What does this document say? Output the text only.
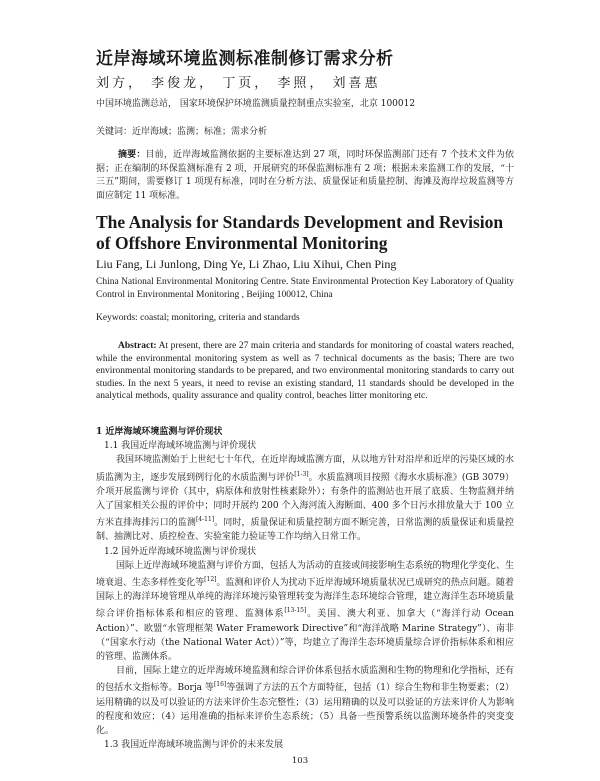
近岸海域环境监测标准制修订需求分析
刘方， 李俊龙， 丁页， 李照， 刘喜惠
中国环境监测总站， 国家环境保护环境监测质量控制重点实验室，北京 100012
关键词：近岸海域；监测；标准；需求分析
摘要：目前，近岸海域监测依据的主要标准达到 27 项，同时环保监测部门还有 7 个技术文件为依据；正在编制的环保监测标准有 2 项，开展研究的环保监测标准有 2 项；根据未来监测工作的发展，“十三五”期间，需要修订 1 项现有标准，同时在分析方法、质量保证和质量控制、海滩及海岸垃圾监测等方面应制定 11 项标准。
The Analysis for Standards Development and Revision of Offshore Environmental Monitoring
Liu Fang, Li Junlong, Ding Ye, Li Zhao, Liu Xihui, Chen Ping
China National Environmental Monitoring Centre. State Environmental Protection Key Laboratory of Quality Control in Environmental Monitoring , Beijing 100012, China
Keywords: coastal; monitoring, criteria and standards
Abstract: At present, there are 27 main criteria and standards for monitoring of coastal waters reached, while the environmental monitoring system as well as 7 technical documents as the basis; There are two environmental monitoring standards to be prepared, and two environmental monitoring standards to carry out studies. In the next 5 years, it need to revise an existing standard, 11 standards should be developed in the analytical methods, quality assurance and quality control, beaches litter monitoring etc.
1 近岸海域环境监测与评价现状
1.1 我国近岸海域环境监测与评价现状

我国环境监测始于上世纪七十年代，在近岸海域监测方面，从以地方针对沿岸和近岸的污染区域的水质监测为主，逐步发展到例行化的水质监测与评价[1-3]。水质监测项目按照《海水水质标准》(GB 3079）介项开展监测与评价（其中，病原体和放射性核素除外）；有条件的监测站也开展了底质、生物监测并纳入了国家相关公报的评价中；同时开展约 200 个入海河流入海断面、400 多个日污水排放量大于 100 立方米直排海排污口的监测[4-11]。同时，质量保证和质量控制方面不断完善，日常监测的质量保证和质量控制、抽测比对、质控检查、实验室能力验证等工作均纳入日常工作。

1.2 国外近岸海域环境监测与评价现状

国际上近岸海域环境监测与评价方面，包括人为活动的直接或间接影响生态系统的物理化学变化、生境衰退、生态多样性变化等[12]。监测和评价人为扰动下近岸海域环境质量状况已成研究的热点问题。随着国际上的海洋环境管理从单纯的海洋环境污染管理转变为海洋生态环境综合管理，建立海洋生态环境质量综合评价指标体系和相应的管理、监测体系[13-15]。美国、澳大利亚、加拿大（“海洋行动 Ocean Action）”、欧盟“水管理框架 Water Framework Directive”和“海洋战略 Marine Strategy”）、南非（“国家水行动（the National Water Act））”等，均建立了海洋生态环境质量综合评价指标体系和相应的管理、监测体系。

目前，国际上建立的近岸海域环境监测和综合评价体系包括水质监测和生物的物理和化学指标，还有的包括水文指标等。Borja 等[16]等强调了方法的五个方面特征，包括（1）综合生物和非生物要素；（2）运用精确的以及可以验证的方法来评价生态完整性；（3）运用精确的以及可以验证的方法来评价人为影响的程度和效应；（4）运用准确的指标来评价生态系统；（5）具备一些预警系统以监测环境条件的突变变化。

1.3 我国近岸海域环境监测与评价的未来发展
103
